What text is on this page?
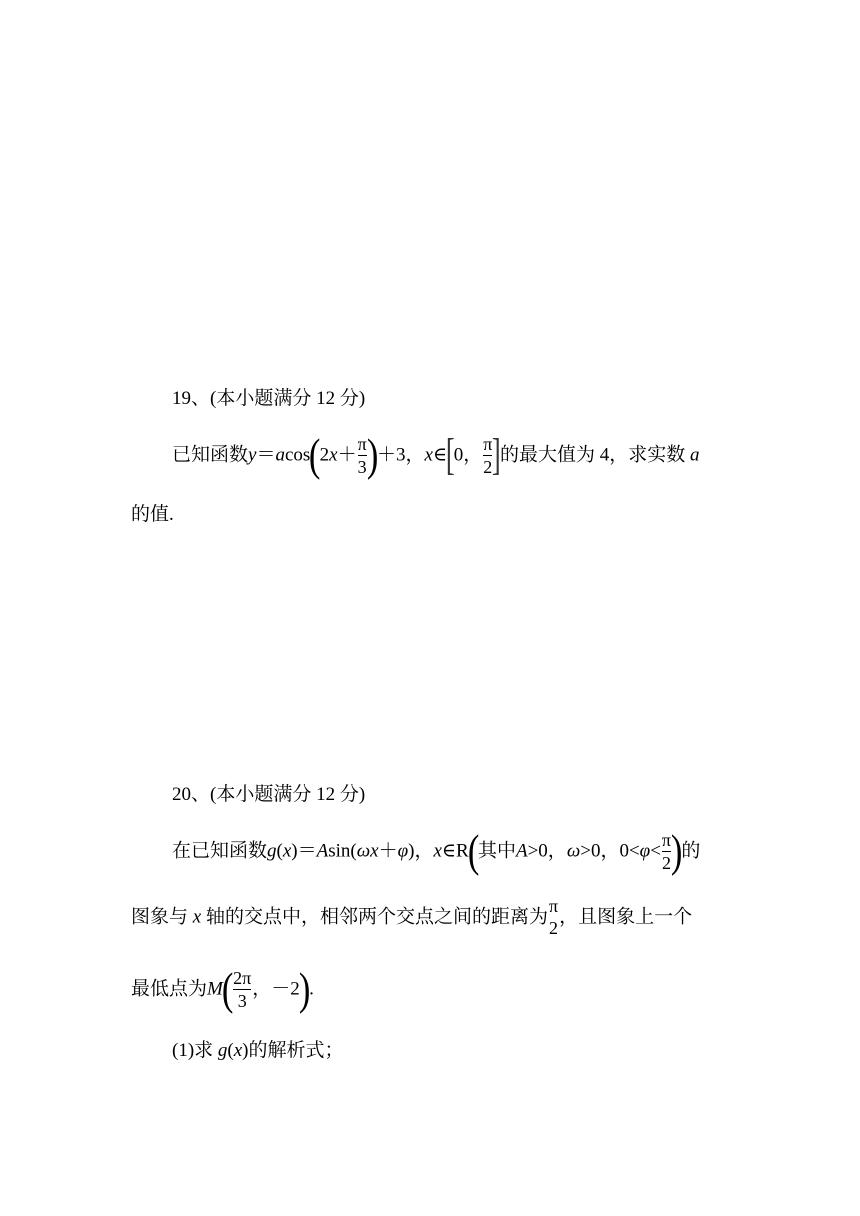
19、(本小题满分 12 分)
已知函数$y=acos(2x+ \frac{\pi}{3} )+3$，x∈[0， $\frac{\pi}{2}$ ]的最大值为 4，求实数 a
的值.
20、(本小题满分 12 分)
在已知函数g(x)＝Asin(ωx＋φ)，x∈R(其中A>0，ω>0，$0<\varphi< \frac{\pi}{2}$ )的
图象与 x 轴的交点中，相邻两个交点之间的距离为
π
2
，且图象上一个
最低点为$M( \frac{2\pi}{3}$ ，－2).
(1)求 g(x)的解析式；
